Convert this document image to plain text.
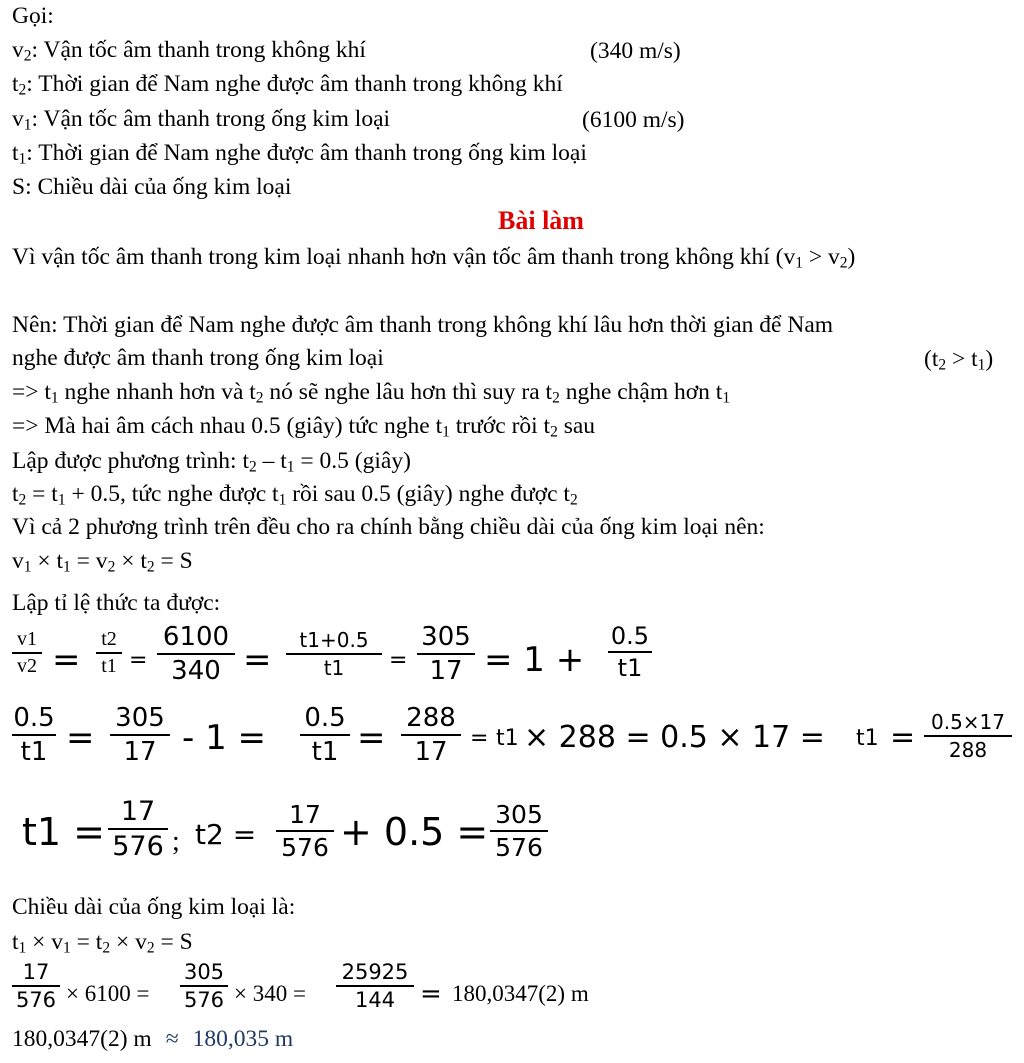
Gọi:
$v_2$: Vận tốc âm thanh trong không khí	(340 m/s)
$t_2$: Thời gian để Nam nghe được âm thanh trong không khí
$v_1$: Vận tốc âm thanh trong ống kim loại	(6100 m/s)
$t_1$: Thời gian để Nam nghe được âm thanh trong ống kim loại
S: Chiều dài của ống kim loại
Bài làm
Vì vận tốc âm thanh trong kim loại nhanh hơn vận tốc âm thanh trong không khí $(v_1 > v_2)$
Nên: Thời gian để Nam nghe được âm thanh trong không khí lâu hơn thời gian để Nam
nghe được âm thanh trong ống kim loại	$(t_2 > t_1)$
=> $t_1$ nghe nhanh hơn và $t_2$ nó sẽ nghe lâu hơn thì suy ra $t_2$ nghe chậm hơn $t_1$
=> Mà hai âm cách nhau 0.5 (giây) tức nghe $t_1$ trước rồi $t_2$ sau
Lập được phương trình: $t_2 - t_1 = 0.5$ (giây)
$t_2 = t_1 + 0.5$, tức nghe được $t_1$ rồi sau 0.5 (giây) nghe được $t_2$
Vì cả 2 phương trình trên đều cho ra chính bằng chiều dài của ống kim loại nên:
$v_1 \times t_1 = v_2 \times t_2 = S$
Lập tỉ lệ thức ta được:
v1
v2 =
t2
t1 =
6100
340 =	t1+0.5
t1	=
305
17 = 1 +
0.5
t1
0.5
t1 = 305
17 - 1 = 0.5
t1 = 288
17	= t1 × 288 = 0.5 × 17 = t1 = 0.5×17
288
t1 = 17
576 ; t2 =
17
576 + 0.5 = 305
576
Chiều dài của ống kim loại là:
$t_1 \times v_1 = t_2 \times v_2 = S$
17
576 × 6100 =
305
576 × 340 =
25925
144 = 180,0347(2) m
180,0347(2) m ≈ 180,035 m
